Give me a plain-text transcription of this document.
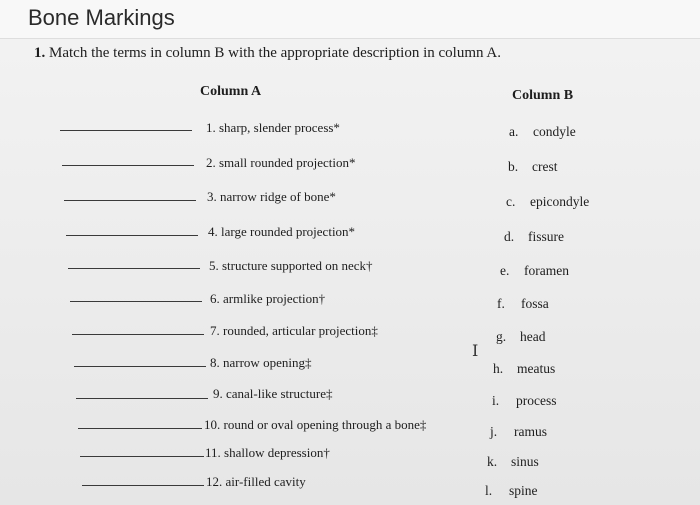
Bone Markings
1. Match the terms in column B with the appropriate description in column A.
Column A	Column B
1. sharp, slender process*
2. small rounded projection*
3. narrow ridge of bone*
4. large rounded projection*
5. structure supported on neck†
6. armlike projection†
7. rounded, articular projection‡
8. narrow opening‡
9. canal-like structure‡
10. round or oval opening through a bone‡
11. shallow depression†
12. air-filled cavity
a. condyle
b. crest
c. epicondyle
d. fissure
e. foramen
f. fossa
g. head
h. meatus
i. process
j. ramus
k. sinus
l. spine
I
